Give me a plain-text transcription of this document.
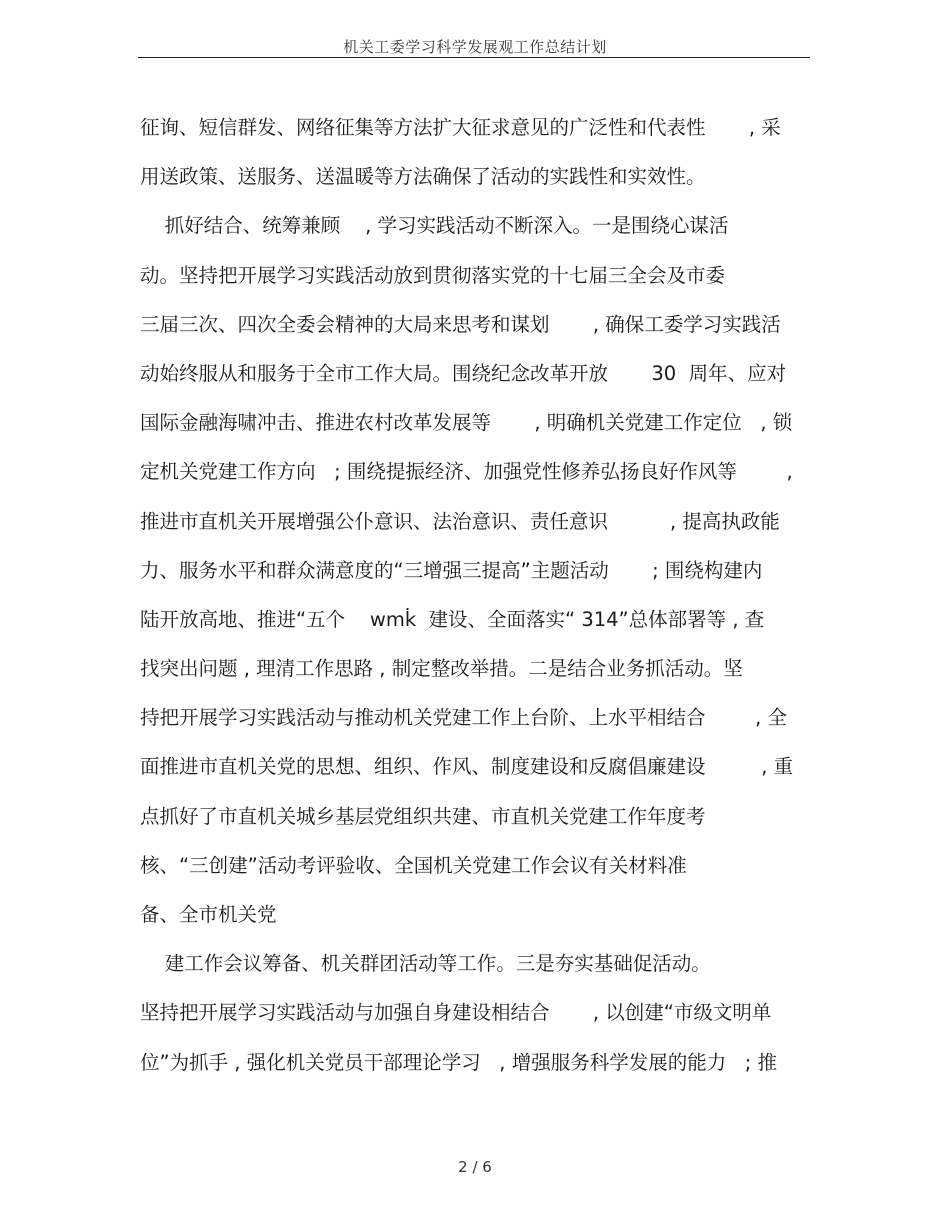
机关工委学习科学发展观工作总结计划
征询、短信群发、网络征集等方法扩大征求意见的广泛性和代表性       , 采
用送政策、送服务、送温暖等方法确保了活动的实践性和实效性。
抓好结合、统筹兼顾    , 学习实践活动不断深入。一是围绕心谋活
动。坚持把开展学习实践活动放到贯彻落实党的十七届三全会及市委
三届三次、四次全委会精神的大局来思考和谋划       , 确保工委学习实践活
动始终服从和服务于全市工作大局。围绕纪念改革开放       30  周年、应对
国际金融海啸冲击、推进农村改革发展等       , 明确机关党建工作定位   , 锁
定机关党建工作方向   ; 围绕提振经济、加强党性修养弘扬良好作风等        ,
推进市直机关开展增强公仆意识、法治意识、责任意识          , 提高执政能
力、服务水平和群众满意度的“三增强三提高”主题活动       ; 围绕构建内
陆开放高地、推进“五个    wmk̇  建设、全面落实“ 314”总体部署等 , 查
找突出问题 , 理清工作思路 , 制定整改举措。二是结合业务抓活动。坚
持把开展学习实践活动与推动机关党建工作上台阶、上水平相结合        , 全
面推进市直机关党的思想、组织、作风、制度建设和反腐倡廉建设         , 重
点抓好了市直机关城乡基层党组织共建、市直机关党建工作年度考
核、“三创建”活动考评验收、全国机关党建工作会议有关材料准
备、全市机关党
建工作会议筹备、机关群团活动等工作。三是夯实基础促活动。
坚持把开展学习实践活动与加强自身建设相结合       , 以创建“市级文明单
位”为抓手 , 强化机关党员干部理论学习   , 增强服务科学发展的能力   ; 推
2 / 6
